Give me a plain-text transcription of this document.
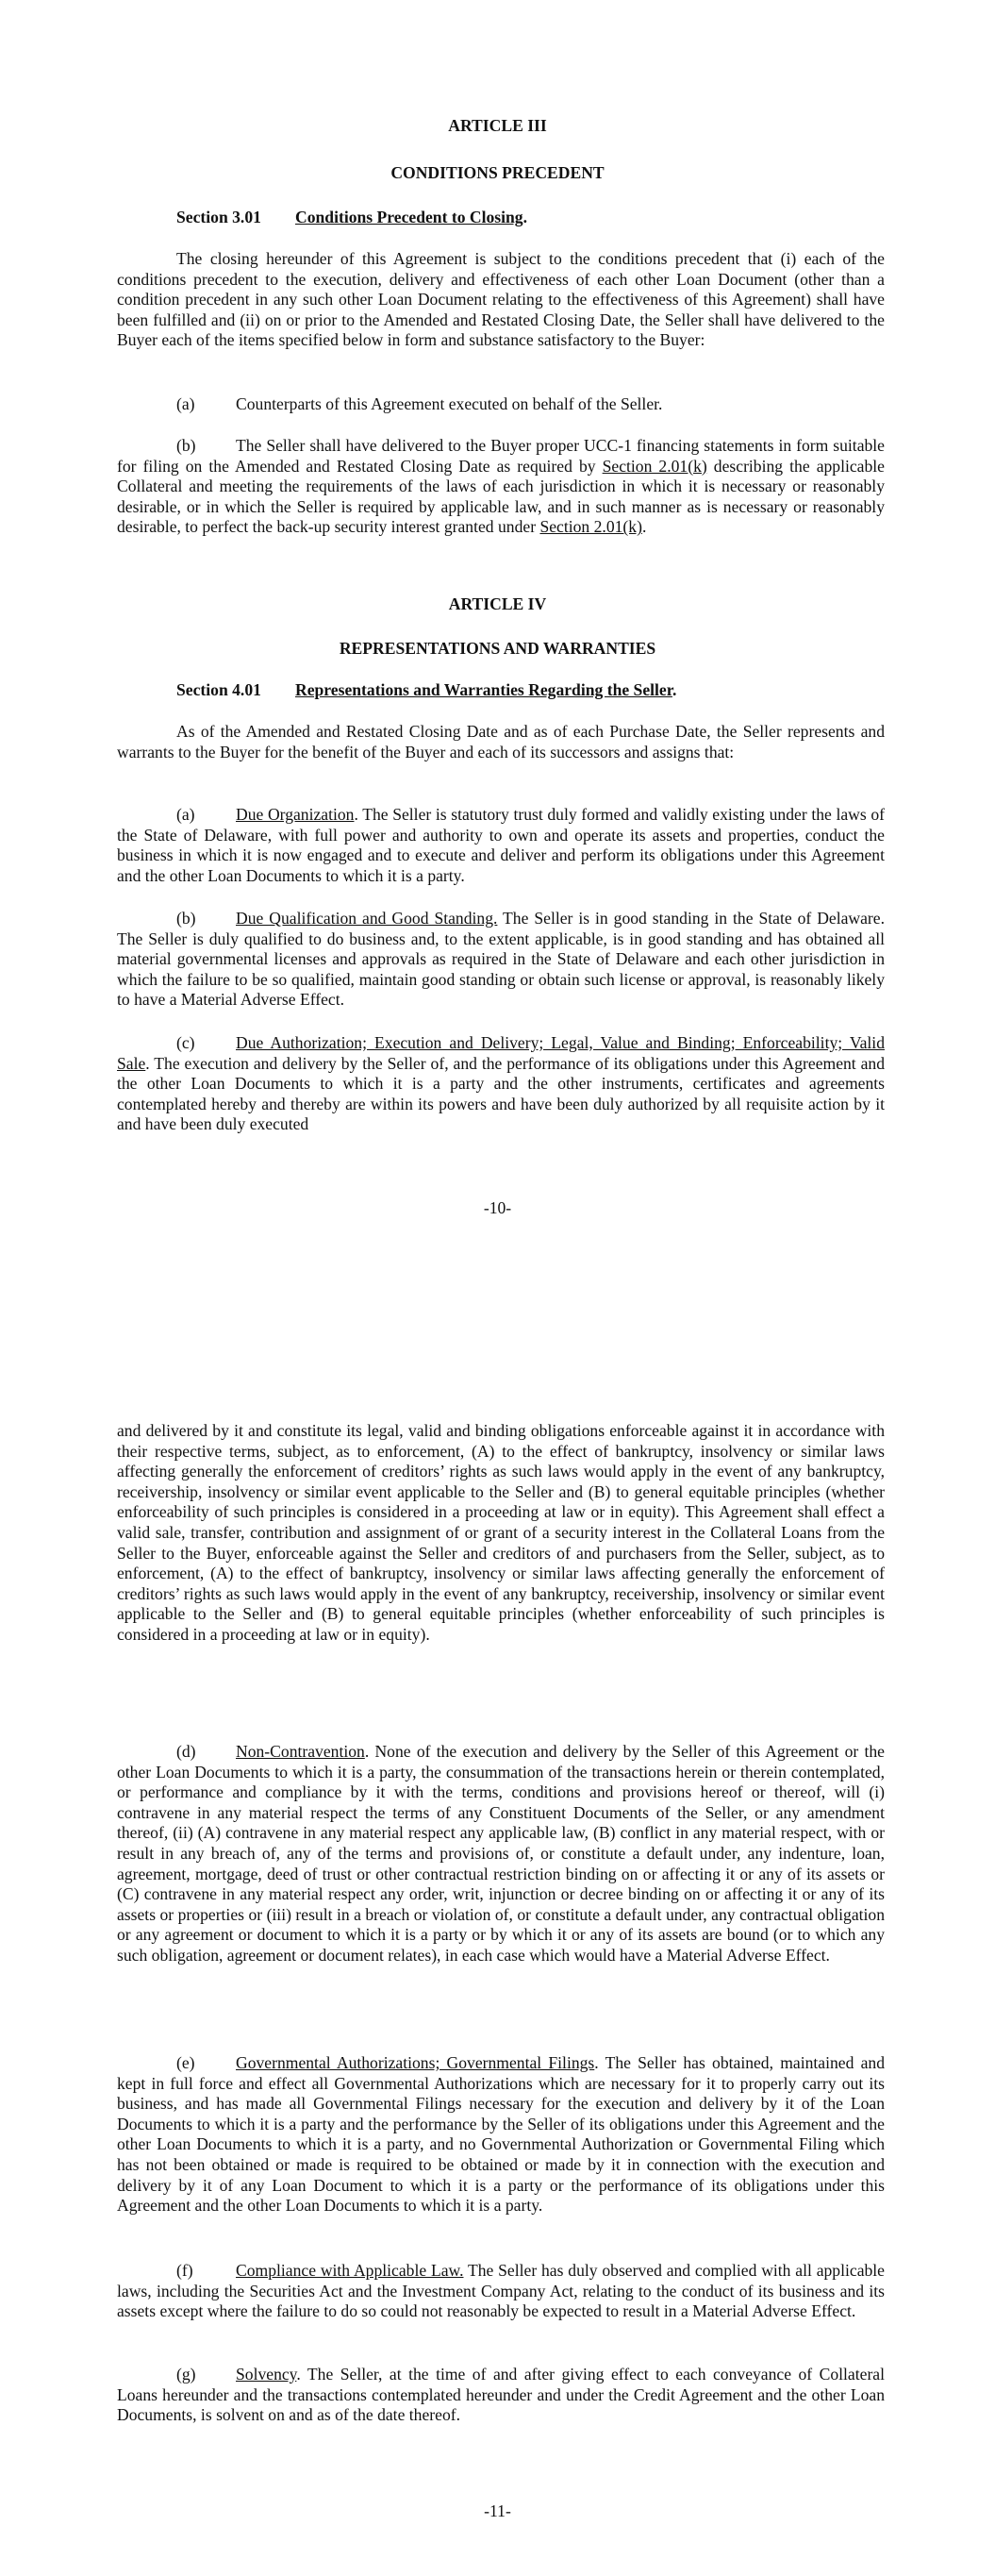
ARTICLE III

CONDITIONS PRECEDENT

Section 3.01 Conditions Precedent to Closing.

The closing hereunder of this Agreement is subject to the conditions precedent that (i) each of the conditions precedent to the execution, delivery and effectiveness of each other Loan Document (other than a condition precedent in any such other Loan Document relating to the effectiveness of this Agreement) shall have been fulfilled and (ii) on or prior to the Amended and Restated Closing Date, the Seller shall have delivered to the Buyer each of the items specified below in form and substance satisfactory to the Buyer:

(a) Counterparts of this Agreement executed on behalf of the Seller.

(b) The Seller shall have delivered to the Buyer proper UCC-1 financing statements in form suitable for filing on the Amended and Restated Closing Date as required by Section 2.01(k) describing the applicable Collateral and meeting the requirements of the laws of each jurisdiction in which it is necessary or reasonably desirable, or in which the Seller is required by applicable law, and in such manner as is necessary or reasonably desirable, to perfect the back-up security interest granted under Section 2.01(k).

ARTICLE IV

REPRESENTATIONS AND WARRANTIES

Section 4.01 Representations and Warranties Regarding the Seller.

As of the Amended and Restated Closing Date and as of each Purchase Date, the Seller represents and warrants to the Buyer for the benefit of the Buyer and each of its successors and assigns that:

(a) Due Organization. The Seller is statutory trust duly formed and validly existing under the laws of the State of Delaware, with full power and authority to own and operate its assets and properties, conduct the business in which it is now engaged and to execute and deliver and perform its obligations under this Agreement and the other Loan Documents to which it is a party.

(b) Due Qualification and Good Standing. The Seller is in good standing in the State of Delaware. The Seller is duly qualified to do business and, to the extent applicable, is in good standing and has obtained all material governmental licenses and approvals as required in the State of Delaware and each other jurisdiction in which the failure to be so qualified, maintain good standing or obtain such license or approval, is reasonably likely to have a Material Adverse Effect.

(c) Due Authorization; Execution and Delivery; Legal, Value and Binding; Enforceability; Valid Sale. The execution and delivery by the Seller of, and the performance of its obligations under this Agreement and the other Loan Documents to which it is a party and the other instruments, certificates and agreements contemplated hereby and thereby are within its powers and have been duly authorized by all requisite action by it and have been duly executed

-10-

and delivered by it and constitute its legal, valid and binding obligations enforceable against it in accordance with their respective terms, subject, as to enforcement, (A) to the effect of bankruptcy, insolvency or similar laws affecting generally the enforcement of creditors’ rights as such laws would apply in the event of any bankruptcy, receivership, insolvency or similar event applicable to the Seller and (B) to general equitable principles (whether enforceability of such principles is considered in a proceeding at law or in equity). This Agreement shall effect a valid sale, transfer, contribution and assignment of or grant of a security interest in the Collateral Loans from the Seller to the Buyer, enforceable against the Seller and creditors of and purchasers from the Seller, subject, as to enforcement, (A) to the effect of bankruptcy, insolvency or similar laws affecting generally the enforcement of creditors’ rights as such laws would apply in the event of any bankruptcy, receivership, insolvency or similar event applicable to the Seller and (B) to general equitable principles (whether enforceability of such principles is considered in a proceeding at law or in equity).

(d) Non-Contravention. None of the execution and delivery by the Seller of this Agreement or the other Loan Documents to which it is a party, the consummation of the transactions herein or therein contemplated, or performance and compliance by it with the terms, conditions and provisions hereof or thereof, will (i) contravene in any material respect the terms of any Constituent Documents of the Seller, or any amendment thereof, (ii) (A) contravene in any material respect any applicable law, (B) conflict in any material respect, with or result in any breach of, any of the terms and provisions of, or constitute a default under, any indenture, loan, agreement, mortgage, deed of trust or other contractual restriction binding on or affecting it or any of its assets or (C) contravene in any material respect any order, writ, injunction or decree binding on or affecting it or any of its assets or properties or (iii) result in a breach or violation of, or constitute a default under, any contractual obligation or any agreement or document to which it is a party or by which it or any of its assets are bound (or to which any such obligation, agreement or document relates), in each case which would have a Material Adverse Effect.

(e) Governmental Authorizations; Governmental Filings. The Seller has obtained, maintained and kept in full force and effect all Governmental Authorizations which are necessary for it to properly carry out its business, and has made all Governmental Filings necessary for the execution and delivery by it of the Loan Documents to which it is a party and the performance by the Seller of its obligations under this Agreement and the other Loan Documents to which it is a party, and no Governmental Authorization or Governmental Filing which has not been obtained or made is required to be obtained or made by it in connection with the execution and delivery by it of any Loan Document to which it is a party or the performance of its obligations under this Agreement and the other Loan Documents to which it is a party.

(f)	Compliance with Applicable Law. The Seller has duly observed and complied with all applicable laws, including the Securities Act and the Investment Company Act, relating to the conduct of its business and its assets except where the failure to do so could not reasonably be expected to result in a Material Adverse Effect.

(g) Solvency. The Seller, at the time of and after giving effect to each conveyance of Collateral Loans hereunder and the transactions contemplated hereunder and under the Credit Agreement and the other Loan Documents, is solvent on and as of the date thereof.

-11-
